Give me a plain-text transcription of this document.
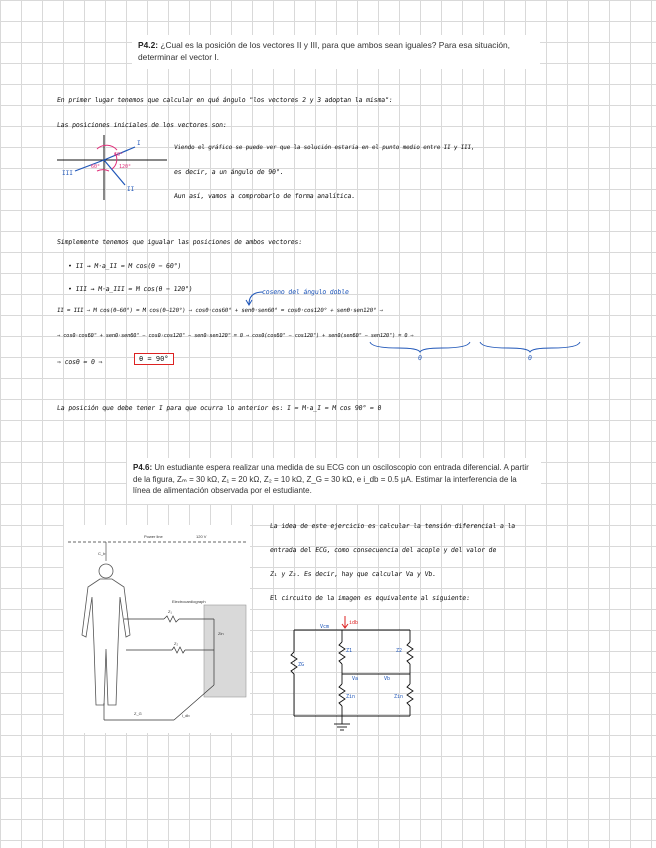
P4.2: ¿Cual es la posición de los vectores II y III, para que ambos sean iguales? Para esa situación, determinar el vector I.
En primer lugar tenemos que calcular en qué ángulo "los vectores 2 y 3 adoptan la misma":
Las posiciones iniciales de los vectores son:
I
II
III
60°
120°
60°
Viendo el gráfico se puede ver que la solución estaría en el punto medio entre II y III,
es decir, a un ángulo de 90°.
Aun así, vamos a comprobarlo de forma analítica.
Simplemente tenemos que igualar las posiciones de ambos vectores:
• II → M·a_II = M cos(θ − 60°)
• III → M·a_III = M cos(θ − 120°)	coseno del ángulo doble
II = III ⇒ M cos(θ−60°) = M cos(θ−120°) ⇒ cosθ·cos60° + senθ·sen60° = cosθ·cos120° + senθ·sen120° ⇒
⇒ cosθ·cos60° + senθ·sen60° − cosθ·cos120° − senθ·sen120° = 0 ⇒ cosθ(cos60° − cos120°) + senθ(sen60° − sen120°) = 0 ⇒
0	0
⇒ cosθ = 0 ⇒	θ = 90°
La posición que debe tener I para que ocurra lo anterior es: I = M·a_I = M cos 90° = 0
P4.6: Un estudiante espera realizar una medida de su ECG con un osciloscopio con entrada diferencial. A partir de la figura, Zₘ = 30 kΩ, Z₁ = 20 kΩ, Z₂ = 10 kΩ, Z_G = 30 kΩ, e i_db = 0.5 µA. Estimar la interferencia de la línea de alimentación observada por el estudiante.
Power line	120 V
C_b
Electrocardiograph
Z₁
Z₂
Zin
Z_G	i_db
La idea de este ejercicio es calcular la tensión diferencial a la
entrada del ECG, como consecuencia del acople y del valor de
Z₁ y Z₂. Es decir, hay que calcular Va y Vb.
El circuito de la imagen es equivalente al siguiente:
Vcm
idb
ZG
Z1	Z2
Va	Vb
Zin	Zin
